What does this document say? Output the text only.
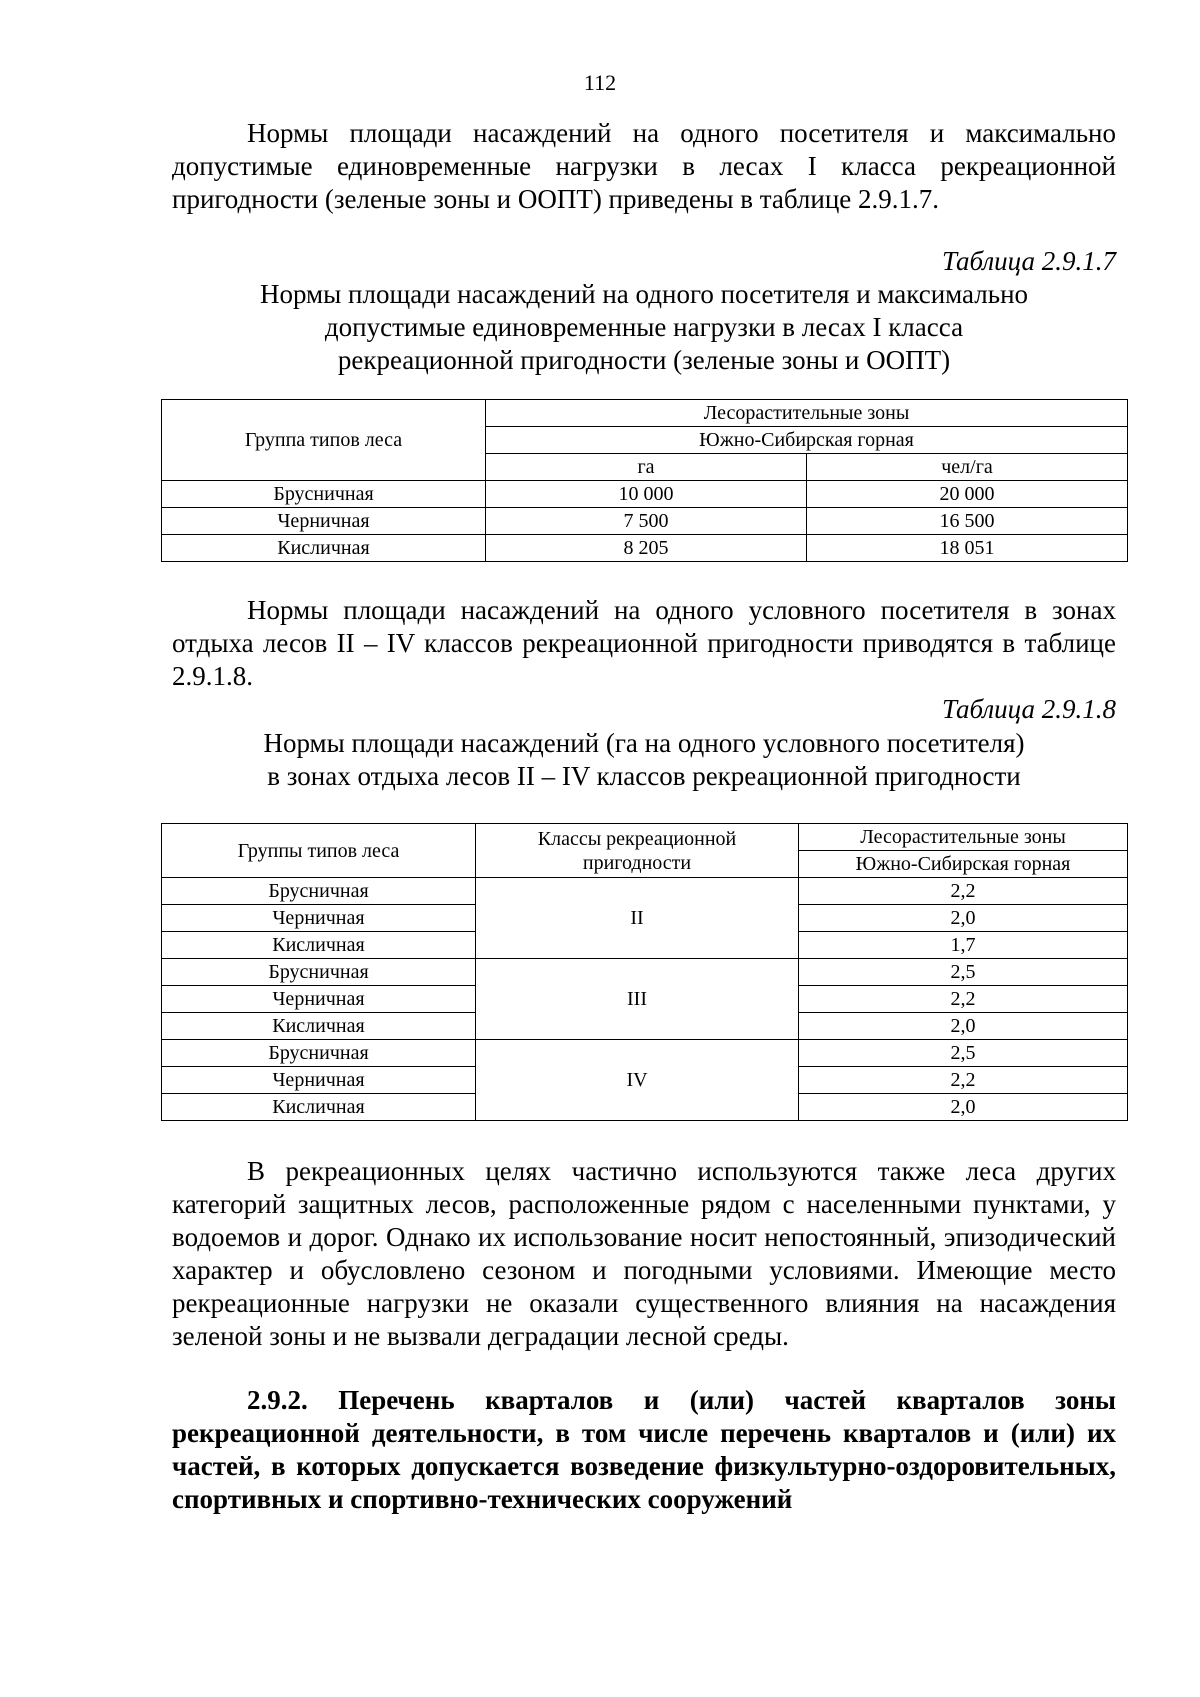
112

Нормы площади насаждений на одного посетителя и максимально допустимые единовременные нагрузки в лесах I класса рекреационной пригодности (зеленые зоны и ООПТ) приведены в таблице 2.9.1.7.

Таблица 2.9.1.7
Нормы площади насаждений на одного посетителя и максимально
допустимые единовременные нагрузки в лесах I класса
рекреационной пригодности (зеленые зоны и ООПТ)
Группа типов леса	Лесорастительные зоны	
	Южно-Сибирская горная	
	га	чел/га
Брусничная	10 000	20 000
Черничная	7 500	16 500
Кисличная	8 205	18 051

Нормы площади насаждений на одного условного посетителя в зонах отдыха лесов II – IV классов рекреационной пригодности приводятся в таблице 2.9.1.8.

Таблица 2.9.1.8
Нормы площади насаждений (га на одного условного посетителя)
в зонах отдыха лесов II – IV классов рекреационной пригодности
Группы типов леса	Классы рекреационной пригодности	Лесорастительные зоны
		Южно-Сибирская горная
Брусничная	II	2,2
Черничная		2,0
Кисличная		1,7
Брусничная	III	2,5
Черничная		2,2
Кисличная		2,0
Брусничная	IV	2,5
Черничная		2,2
Кисличная		2,0

В рекреационных целях частично используются также леса других категорий защитных лесов, расположенные рядом с населенными пунктами, у водоемов и дорог. Однако их использование носит непостоянный, эпизодический характер и обусловлено сезоном и погодными условиями. Имеющие место рекреационные нагрузки не оказали существенного влияния на насаждения зеленой зоны и не вызвали деградации лесной среды.

2.9.2. Перечень кварталов и (или) частей кварталов зоны рекреационной деятельности, в том числе перечень кварталов и (или) их частей, в которых допускается возведение физкультурно-оздоровительных, спортивных и спортивно-технических сооружений
